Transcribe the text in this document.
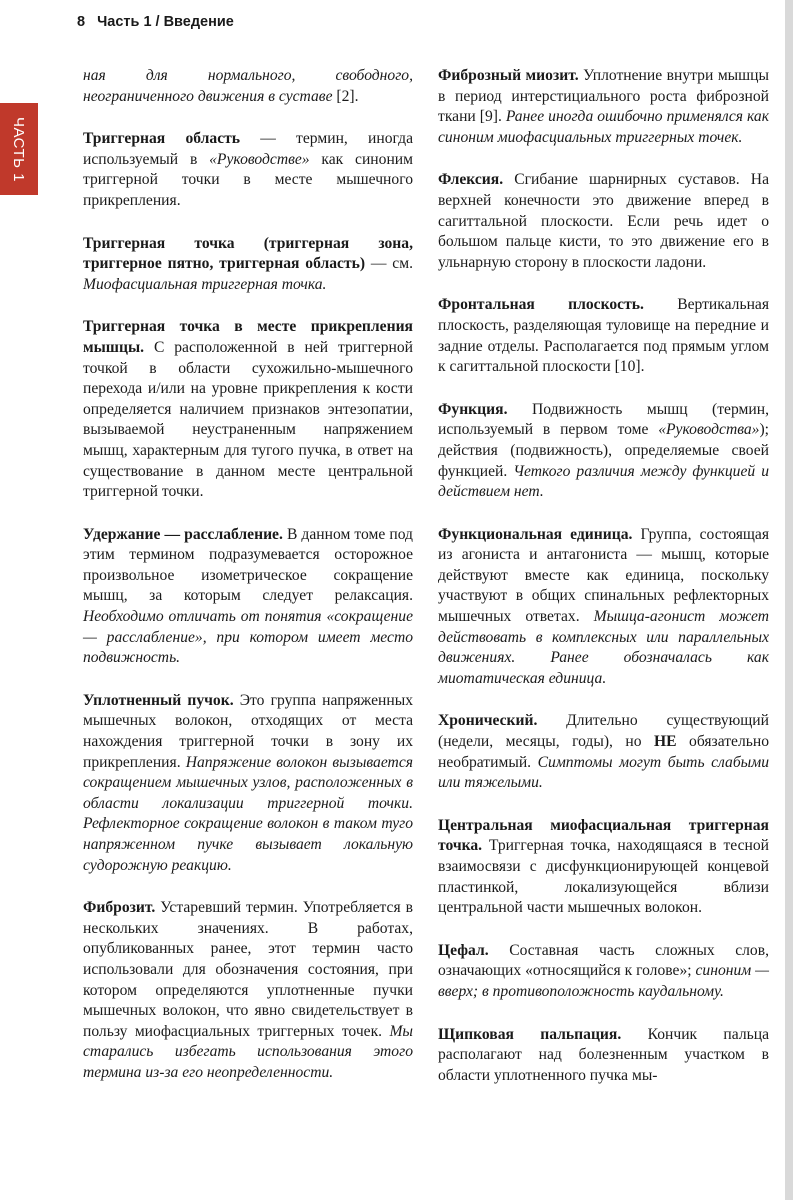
8 Часть 1 / Введение
ЧАСТЬ 1

ная для нормального, свободного, неограниченного движения в суставе [2].

Триггерная область — термин, иногда используемый в «Руководстве» как синоним триггерной точки в месте мышечного прикрепления.

Триггерная точка (триггерная зона, триггерное пятно, триггерная область) — см. Миофасциальная триггерная точка.

Триггерная точка в месте прикрепления мышцы. С расположенной в ней триггерной точкой в области сухожильно-мышечного перехода и/или на уровне прикрепления к кости определяется наличием признаков энтезопатии, вызываемой неустраненным напряжением мышц, характерным для тугого пучка, в ответ на существование в данном месте центральной триггерной точки.

Удержание — расслабление. В данном томе под этим термином подразумевается осторожное произвольное изометрическое сокращение мышц, за которым следует релаксация. Необходимо отличать от понятия «сокращение — расслабление», при котором имеет место подвижность.

Уплотненный пучок. Это группа напряженных мышечных волокон, отходящих от места нахождения триггерной точки в зону их прикрепления. Напряжение волокон вызывается сокращением мышечных узлов, расположенных в области локализации триггерной точки. Рефлекторное сокращение волокон в таком туго напряженном пучке вызывает локальную судорожную реакцию.

Фиброзит. Устаревший термин. Употребляется в нескольких значениях. В работах, опубликованных ранее, этот термин часто использовали для обозначения состояния, при котором определяются уплотненные пучки мышечных волокон, что явно свидетельствует в пользу миофасциальных триггерных точек. Мы старались избегать использования этого термина из-за его неопределенности.

Фиброзный миозит. Уплотнение внутри мышцы в период интерстициального роста фиброзной ткани [9]. Ранее иногда ошибочно применялся как синоним миофасциальных триггерных точек.

Флексия. Сгибание шарнирных суставов. На верхней конечности это движение вперед в сагиттальной плоскости. Если речь идет о большом пальце кисти, то это движение его в ульнарную сторону в плоскости ладони.

Фронтальная плоскость. Вертикальная плоскость, разделяющая туловище на передние и задние отделы. Располагается под прямым углом к сагиттальной плоскости [10].

Функция. Подвижность мышц (термин, используемый в первом томе «Руководства»); действия (подвижность), определяемые своей функцией. Четкого различия между функцией и действием нет.

Функциональная единица. Группа, состоящая из агониста и антагониста — мышц, которые действуют вместе как единица, поскольку участвуют в общих спинальных рефлекторных мышечных ответах. Мышца-агонист может действовать в комплексных или параллельных движениях. Ранее обозначалась как миотатическая единица.

Хронический. Длительно существующий (недели, месяцы, годы), но НЕ обязательно необратимый. Симптомы могут быть слабыми или тяжелыми.

Центральная миофасциальная триггерная точка. Триггерная точка, находящаяся в тесной взаимосвязи с дисфункционирующей концевой пластинкой, локализующейся вблизи центральной части мышечных волокон.

Цефал. Составная часть сложных слов, означающих «относящийся к голове»; синоним — вверх; в противоположность каудальному.

Щипковая пальпация. Кончик пальца располагают над болезненным участком в области уплотненного пучка мы-
